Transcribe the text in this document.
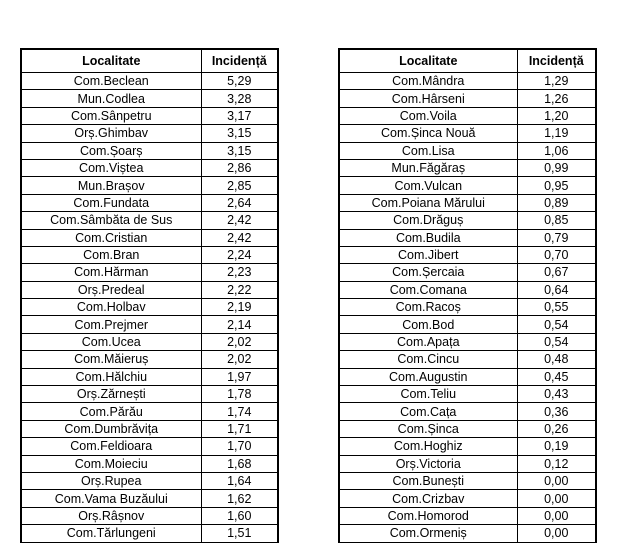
Localitate	Incidență
Com.Beclean	5,29
Mun.Codlea	3,28
Com.Sânpetru	3,17
Orș.Ghimbav	3,15
Com.Șoarș	3,15
Com.Viștea	2,86
Mun.Brașov	2,85
Com.Fundata	2,64
Com.Sâmbăta de Sus	2,42
Com.Cristian	2,42
Com.Bran	2,24
Com.Hărman	2,23
Orș.Predeal	2,22
Com.Holbav	2,19
Com.Prejmer	2,14
Com.Ucea	2,02
Com.Măieruș	2,02
Com.Hălchiu	1,97
Orș.Zărnești	1,78
Com.Părău	1,74
Com.Dumbrăvița	1,71
Com.Feldioara	1,70
Com.Moieciu	1,68
Orș.Rupea	1,64
Com.Vama Buzăului	1,62
Orș.Râșnov	1,60
Com.Tărlungeni	1,51
Localitate	Incidență
Com.Mândra	1,29
Com.Hârseni	1,26
Com.Voila	1,20
Com.Șinca Nouă	1,19
Com.Lisa	1,06
Mun.Făgăraș	0,99
Com.Vulcan	0,95
Com.Poiana Mărului	0,89
Com.Drăguș	0,85
Com.Budila	0,79
Com.Jibert	0,70
Com.Șercaia	0,67
Com.Comana	0,64
Com.Racoș	0,55
Com.Bod	0,54
Com.Apața	0,54
Com.Cincu	0,48
Com.Augustin	0,45
Com.Teliu	0,43
Com.Cața	0,36
Com.Șinca	0,26
Com.Hoghiz	0,19
Orș.Victoria	0,12
Com.Bunești	0,00
Com.Crizbav	0,00
Com.Homorod	0,00
Com.Ormeniș	0,00
